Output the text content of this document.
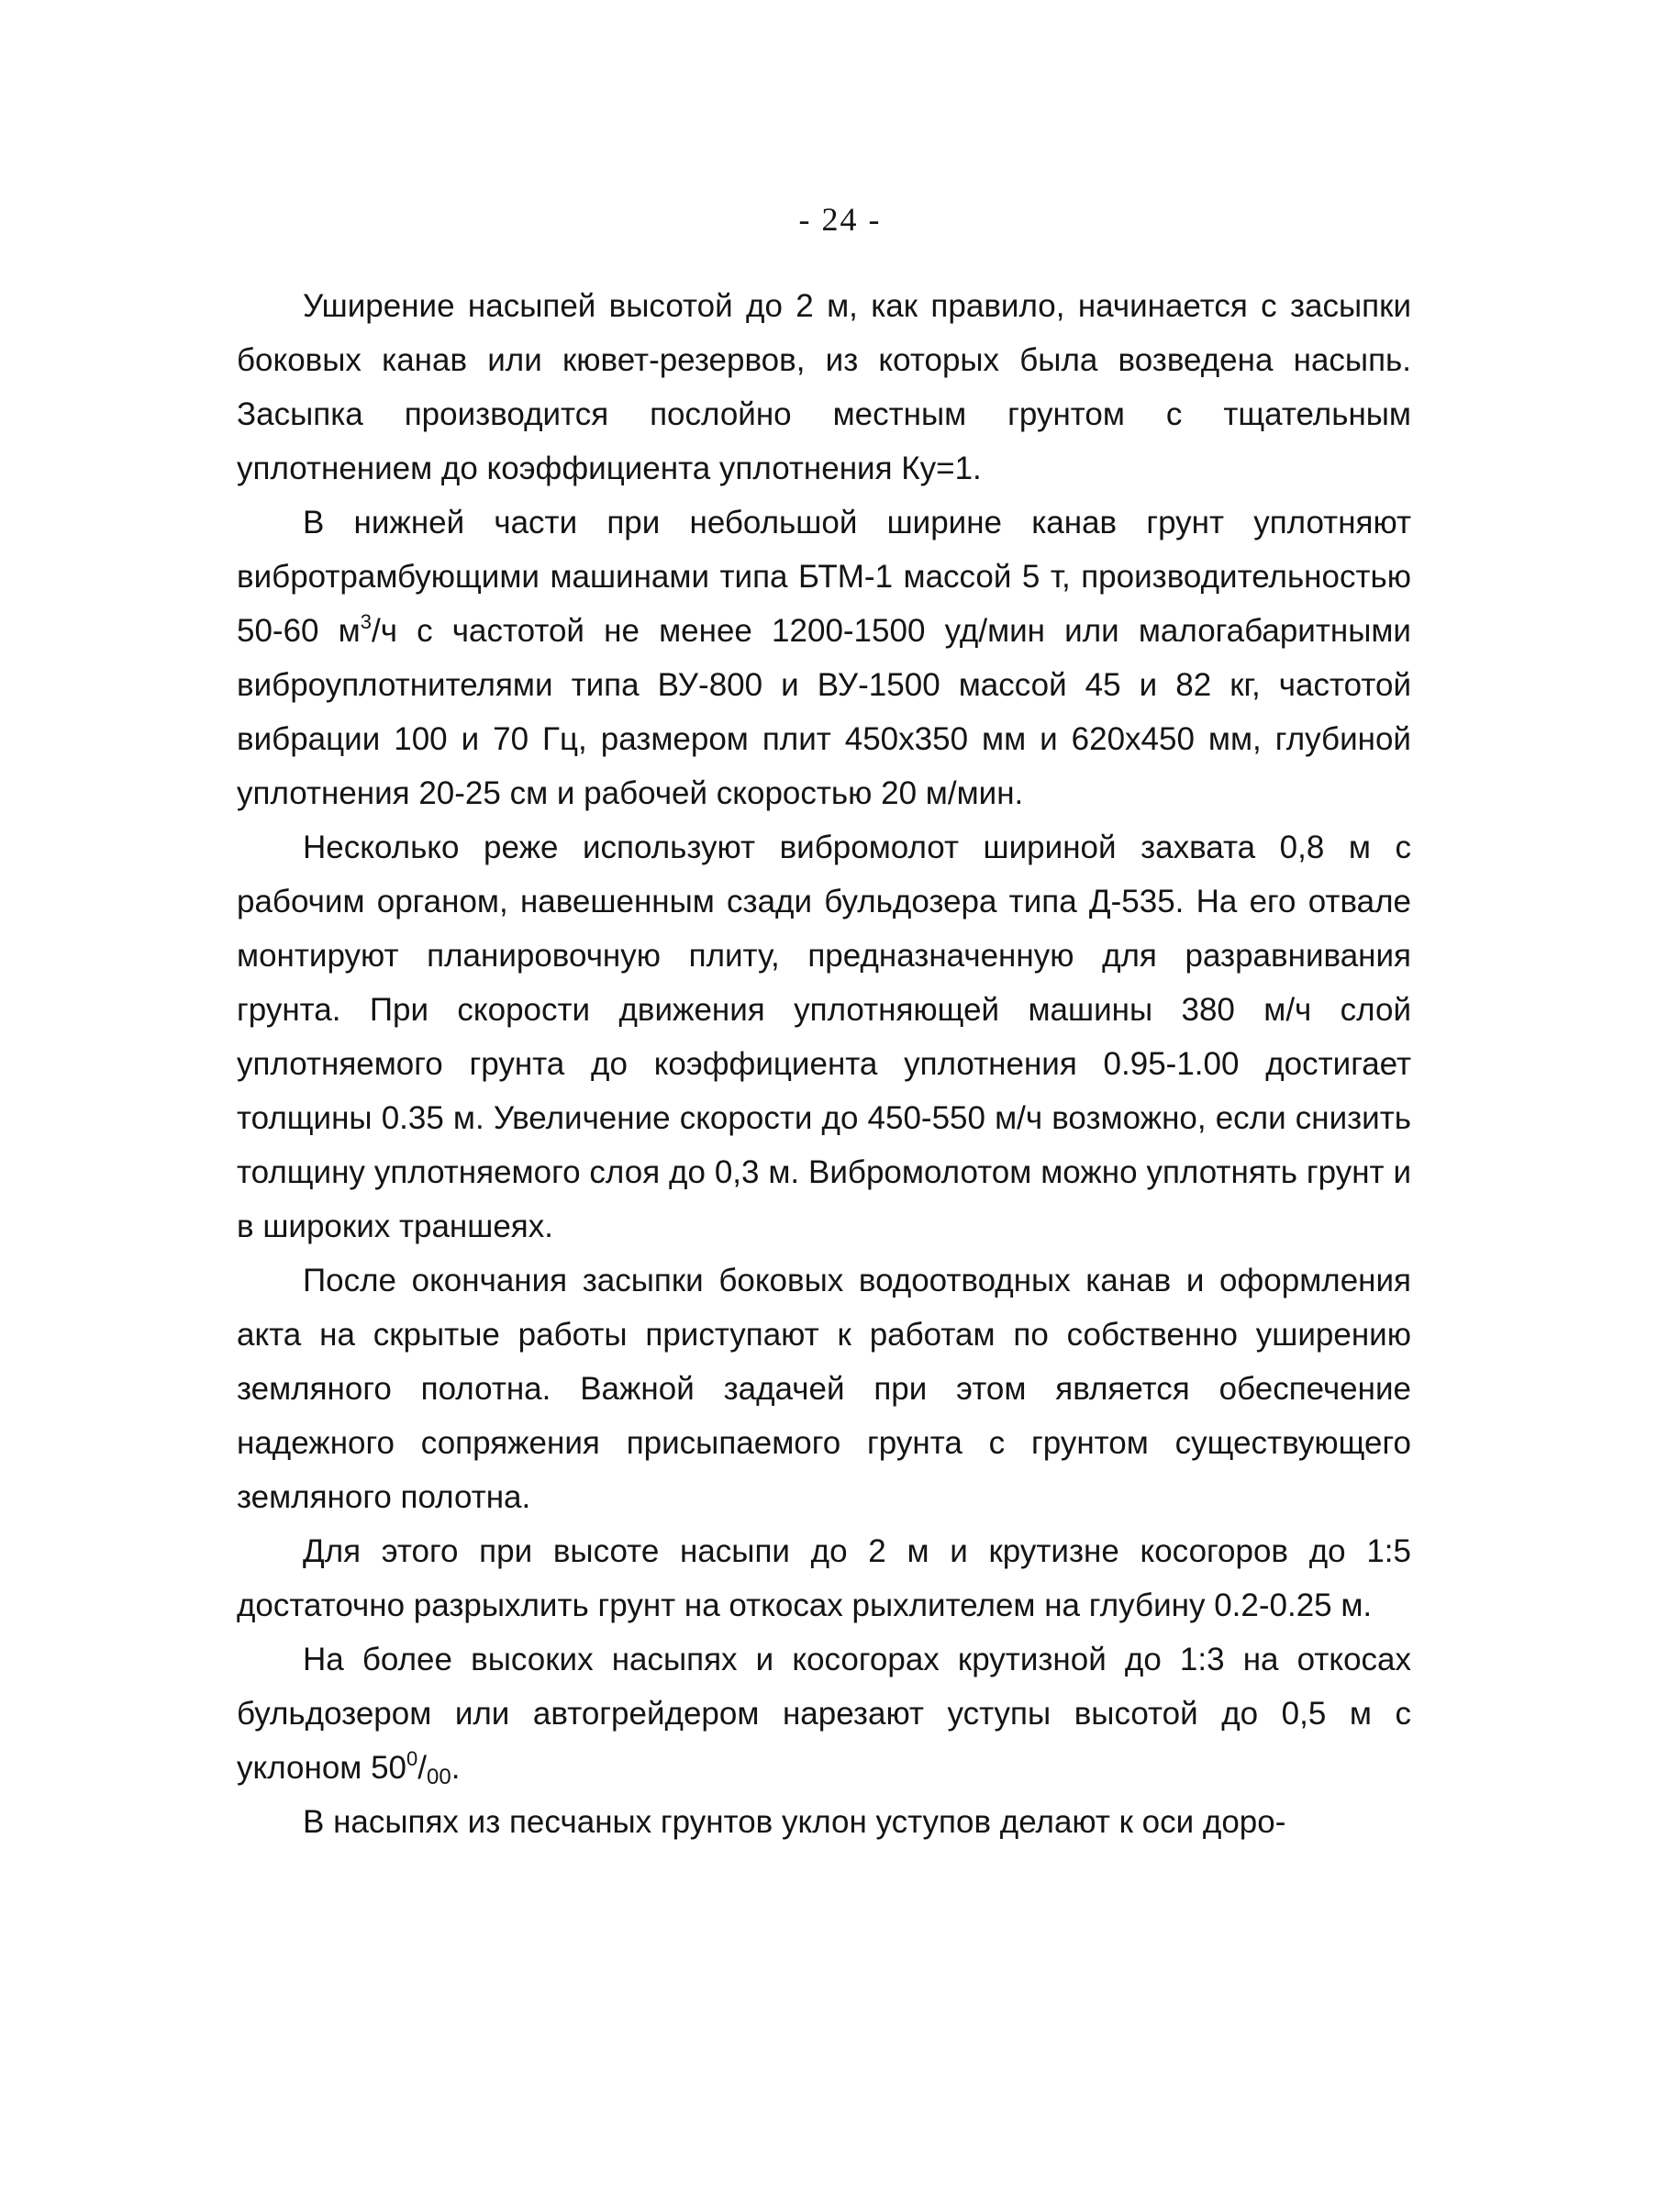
- 24 -

Уширение насыпей высотой до 2 м, как правило, начинается с засыпки боковых канав или кювет-резервов, из которых была возведена насыпь. Засыпка производится послойно местным грунтом с тщательным уплотнением до коэффициента уплотнения Ку=1.

В нижней части при небольшой ширине канав грунт уплотняют вибротрамбующими машинами типа БТМ-1 массой 5 т, производительностью 50-60 $м^3/ч$ с частотой не менее 1200-1500 уд/мин или малогабаритными виброуплотнителями типа ВУ-800 и ВУ-1500 массой 45 и 82 кг, частотой вибрации 100 и 70 Гц, размером плит 450x350 мм и 620x450 мм, глубиной уплотнения 20-25 см и рабочей скоростью 20 м/мин.

Несколько реже используют вибромолот шириной захвата 0,8 м с рабочим органом, навешенным сзади бульдозера типа Д-535. На его отвале монтируют планировочную плиту, предназначенную для разравнивания грунта. При скорости движения уплотняющей машины 380 м/ч слой уплотняемого грунта до коэффициента уплотнения 0.95-1.00 достигает толщины 0.35 м. Увеличение скорости до 450-550 м/ч возможно, если снизить толщину уплотняемого слоя до 0,3 м. Вибромолотом можно уплотнять грунт и в широких траншеях.

После окончания засыпки боковых водоотводных канав и оформления акта на скрытые работы приступают к работам по собственно уширению земляного полотна. Важной задачей при этом является обеспечение надежного сопряжения присыпаемого грунта с грунтом существующего земляного полотна.

Для этого при высоте насыпи до 2 м и крутизне косогоров до 1:5 достаточно разрыхлить грунт на откосах рыхлителем на глубину 0.2-0.25 м.

На более высоких насыпях и косогорах крутизной до 1:3 на откосах бульдозером или автогрейдером нарезают уступы высотой до 0,5 м с уклоном $50^0/_{00}$.

В насыпях из песчаных грунтов уклон уступов делают к оси доро-
